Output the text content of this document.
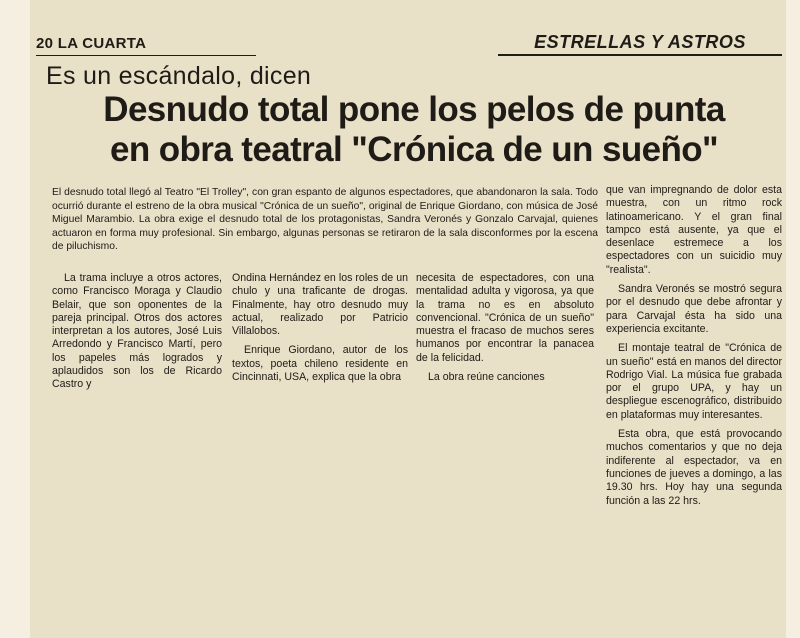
20 LA CUARTA	ESTRELLAS Y ASTROS
Es un escándalo, dicen
Desnudo total pone los pelos de punta
en obra teatral "Crónica de un sueño"
El desnudo total llegó al Teatro "El Trolley", con gran espanto de algunos espectadores, que abandonaron la sala. Todo ocurrió durante el estreno de la obra musical "Crónica de un sueño", original de Enrique Giordano, con música de José Miguel Marambio. La obra exige el desnudo total de los protagonistas, Sandra Veronés y Gonzalo Carvajal, quienes actuaron en forma muy profesional. Sin embargo, algunas personas se retiraron de la sala disconformes por la escena de piluchismo.

La trama incluye a otros actores, como Francisco Moraga y Claudio Belair, que son oponentes de la pareja principal. Otros dos actores interpretan a los autores, José Luis Arredondo y Francisco Martí, pero los papeles más logrados y aplaudidos son los de Ricardo Castro y

Ondina Hernández en los roles de un chulo y una traficante de drogas. Finalmente, hay otro desnudo muy actual, realizado por Patricio Villalobos.

Enrique Giordano, autor de los textos, poeta chileno residente en Cincinnati, USA, explica que la obra

necesita de espectadores, con una mentalidad adulta y vigorosa, ya que la trama no es en absoluto convencional. "Crónica de un sueño" muestra el fracaso de muchos seres humanos por encontrar la panacea de la felicidad.

La obra reúne canciones

que van impregnando de dolor esta muestra, con un ritmo rock latinoamericano. Y el gran final tampco está ausente, ya que el desenlace estremece a los espectadores con un suicidio muy "realista".

Sandra Veronés se mostró segura por el desnudo que debe afrontar y para Carvajal ésta ha sido una experiencia excitante.

El montaje teatral de "Crónica de un sueño" está en manos del director Rodrigo Vial. La música fue grabada por el grupo UPA, y hay un despliegue escenográfico, distribuido en plataformas muy interesantes.

Esta obra, que está provocando muchos comentarios y que no deja indiferente al espectador, va en funciones de jueves a domingo, a las 19.30 hrs. Hoy hay una segunda función a las 22 hrs.
